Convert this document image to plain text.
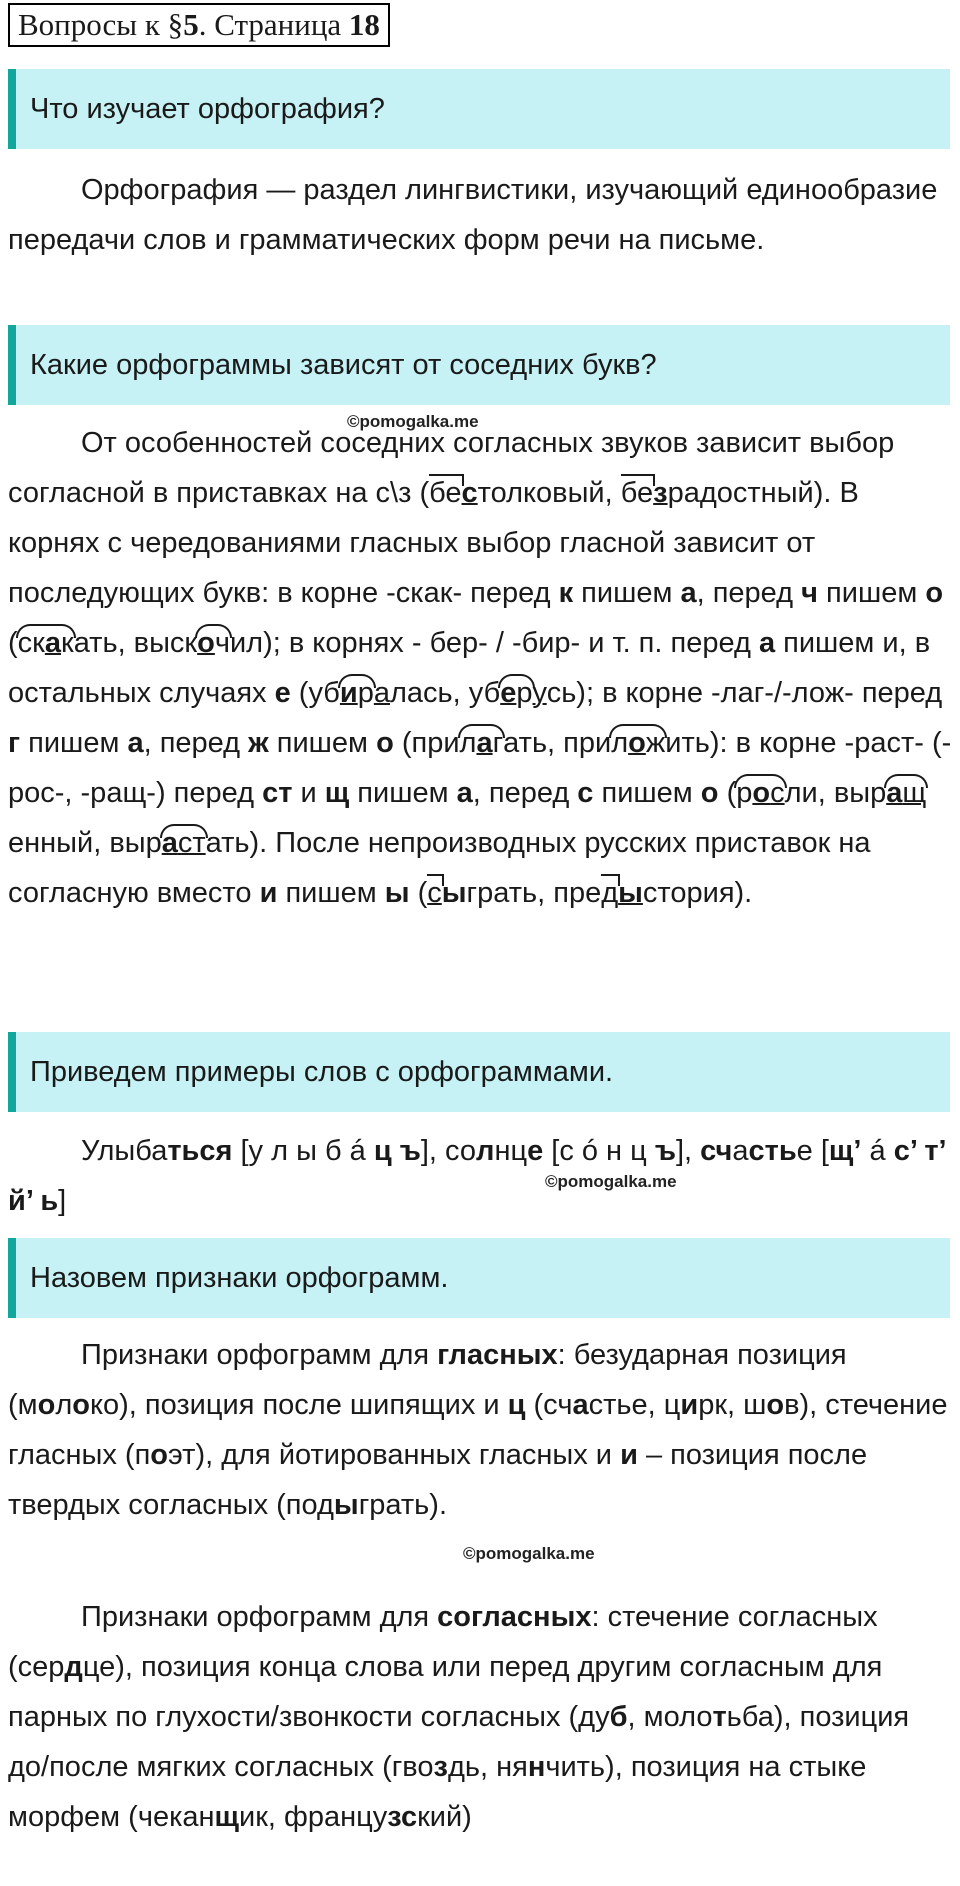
Вопросы к §5. Страница 18
Что изучает орфография?

Орфография — раздел лингвистики, изучающий единообразие передачи слов и грамматических форм речи на письме.

Какие орфограммы зависят от соседних букв?
©pomogalka.me

От особенностей соседних согласных звуков зависит выбор согласной в приставках на с\з (бе
столковый, бе
зрадостный). В корнях с чередованиями гласных выбор гласной зависит от последующих букв: в корне -скак- перед к пишем а, перед ч пишем о (скак
ать, выскоч
ил); в корнях - бер- / -бир- и т. п. перед а пишем и, в остальных случаях е (убир
алась, убер
усь); в корне -лаг-/-лож- перед г пишем а, перед ж пишем о (прилаг
ать, прилож
ить): в корне -раст- (-рос-, -ращ-) перед ст и щ пишем а, перед с пишем о (рос
ли, выращ
енный, выраст
ать). После непроизводных русских приставок на согласную вместо и пишем ы (с
ыграть, пред
ыстория).

Приведем примеры слов с орфограммами.

Улыбаться [у л ы б á ц ъ], солнце [с ó н ц ъ], счастье [щ’ á с’ т’ й’ ь]

©pomogalka.me
Назовем признаки орфограмм.

Признаки орфограмм для гласных: безударная позиция (молоко), позиция после шипящих и ц (счастье, цирк, шов), стечение гласных (поэт), для йотированных гласных и и – позиция после твердых согласных (подыграть).

©pomogalka.me

Признаки орфограмм для согласных: стечение согласных (сердце), позиция конца слова или перед другим согласным для парных по глухости/звонкости согласных (дуб, молотьба), позиция до/после мягких согласных (гвоздь, нянчить), позиция на стыке морфем (чеканщик, французский)
